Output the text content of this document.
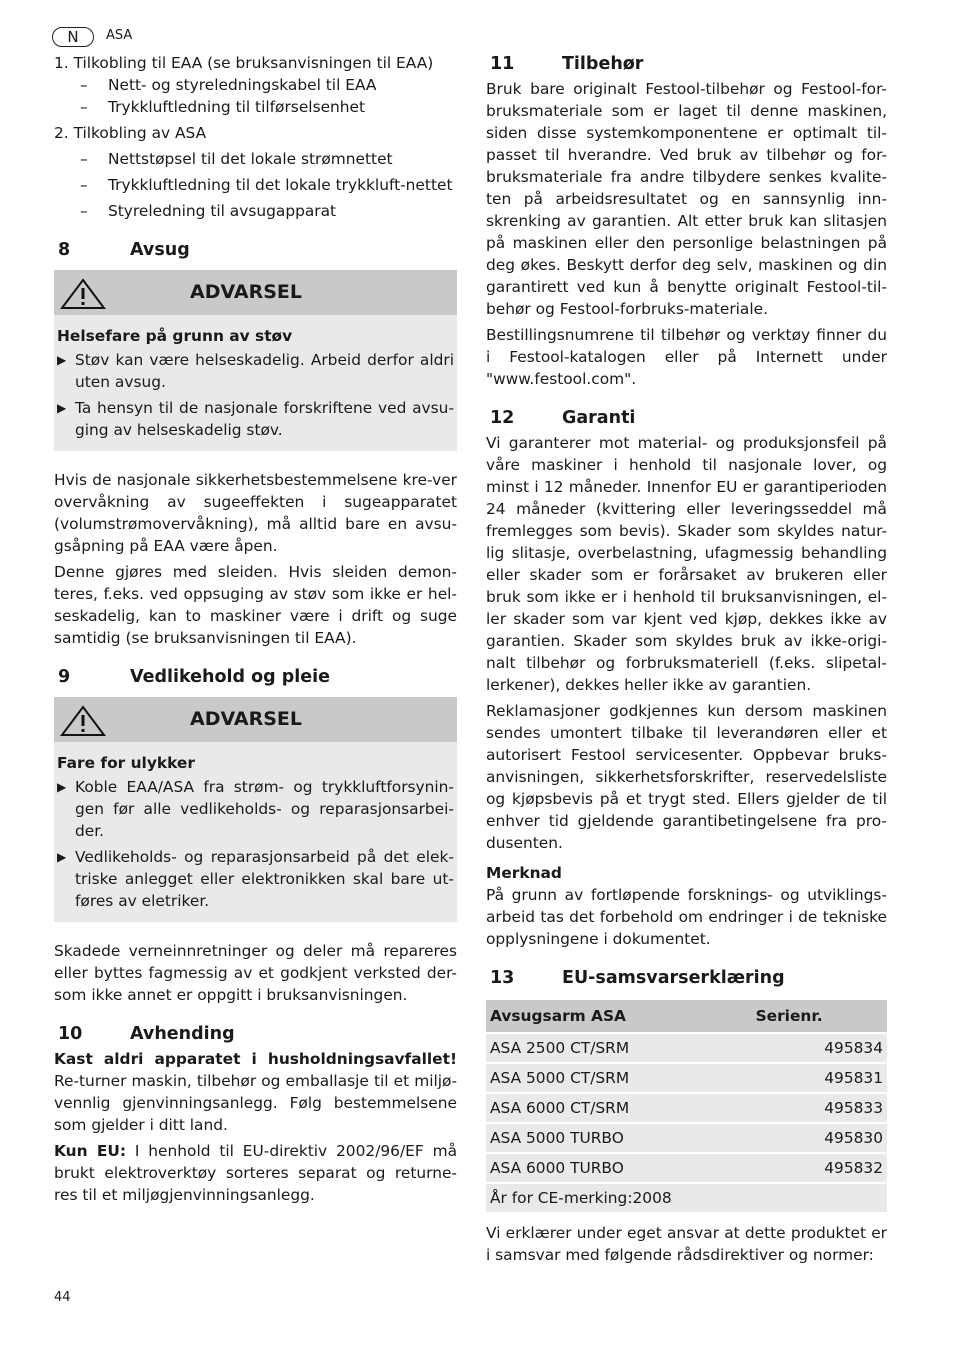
N	ASA

1. Tilkobling til EAA (se bruksanvisningen til EAA)

–	Nett- og styreledningskabel til EAA
–	Trykkluftledning til tilførselsenhet

2. Tilkobling av ASA

–	Nettstøpsel til det lokale strømnettet
–	Trykkluftledning til det lokale trykkluft-nettet
–	Styreledning til avsugapparat
8	Avsug
ADVARSEL

Helsefare på grunn av støv

▶ Støv kan være helseskadelig. Arbeid derfor aldri uten avsug.
▶ Ta hensyn til de nasjonale forskriftene ved avsu-ging av helseskadelig støv.

Hvis de nasjonale sikkerhetsbestemmelsene kre-ver overvåkning av sugeeffekten i sugeapparatet (volumstrømovervåkning), må alltid bare en avsu-gsåpning på EAA være åpen.

Denne gjøres med sleiden. Hvis sleiden demon-teres, f.eks. ved oppsuging av støv som ikke er hel-seskadelig, kan to maskiner være i drift og suge samtidig (se bruksanvisningen til EAA).

9	Vedlikehold og pleie
ADVARSEL

Fare for ulykker

▶ Koble EAA/ASA fra strøm- og trykkluftforsynin-gen før alle vedlikeholds- og reparasjonsarbei-der.
▶ Vedlikeholds- og reparasjonsarbeid på det elek-triske anlegget eller elektronikken skal bare ut-føres av eletriker.

Skadede verneinnretninger og deler må repareres eller byttes fagmessig av et godkjent verksted der-som ikke annet er oppgitt i bruksanvisningen.

10	Avhending

Kast aldri apparatet i husholdningsavfallet! Re-turner maskin, tilbehør og emballasje til et miljø-vennlig gjenvinningsanlegg. Følg bestemmelsene som gjelder i ditt land.

Kun EU: I henhold til EU-direktiv 2002/96/EF må brukt elektroverktøy sorteres separat og returne-res til et miljøgjenvinningsanlegg.

11	Tilbehør

Bruk bare originalt Festool-tilbehør og Festool-for-bruksmateriale som er laget til denne maskinen, siden disse systemkomponentene er optimalt til-passet til hverandre. Ved bruk av tilbehør og for-bruksmateriale fra andre tilbydere senkes kvalite-ten på arbeidsresultatet og en sannsynlig inn-skrenking av garantien. Alt etter bruk kan slitasjen på maskinen eller den personlige belastningen på deg økes. Beskytt derfor deg selv, maskinen og din garantirett ved kun å benytte originalt Festool-til-behør og Festool-forbruks-materiale.

Bestillingsnumrene til tilbehør og verktøy finner du i Festool-katalogen eller på Internett under "www.festool.com".

12	Garanti

Vi garanterer mot material- og produksjonsfeil på våre maskiner i henhold til nasjonale lover, og minst i 12 måneder. Innenfor EU er garantiperioden 24 måneder (kvittering eller leveringsseddel må fremlegges som bevis). Skader som skyldes natur-lig slitasje, overbelastning, ufagmessig behandling eller skader som er forårsaket av brukeren eller bruk som ikke er i henhold til bruksanvisningen, el-ler skader som var kjent ved kjøp, dekkes ikke av garantien. Skader som skyldes bruk av ikke-origi-nalt tilbehør og forbruksmateriell (f.eks. slipetal-lerkener), dekkes heller ikke av garantien.

Reklamasjoner godkjennes kun dersom maskinen sendes umontert tilbake til leverandøren eller et autorisert Festool servicesenter. Oppbevar bruks-anvisningen, sikkerhetsforskrifter, reservedelsliste og kjøpsbevis på et trygt sted. Ellers gjelder de til enhver tid gjeldende garantibetingelsene fra pro-dusenten.

Merknad

På grunn av fortløpende forsknings- og utviklings-arbeid tas det forbehold om endringer i de tekniske opplysningene i dokumentet.

13	EU-samsvarserklæring
Avsugsarm ASA	Serienr.
ASA 2500 CT/SRM	495834
ASA 5000 CT/SRM	495831
ASA 6000 CT/SRM	495833
ASA 5000 TURBO	495830
ASA 6000 TURBO	495832
År for CE-merking:2008	

Vi erklærer under eget ansvar at dette produktet er i samsvar med følgende rådsdirektiver og normer:

44
